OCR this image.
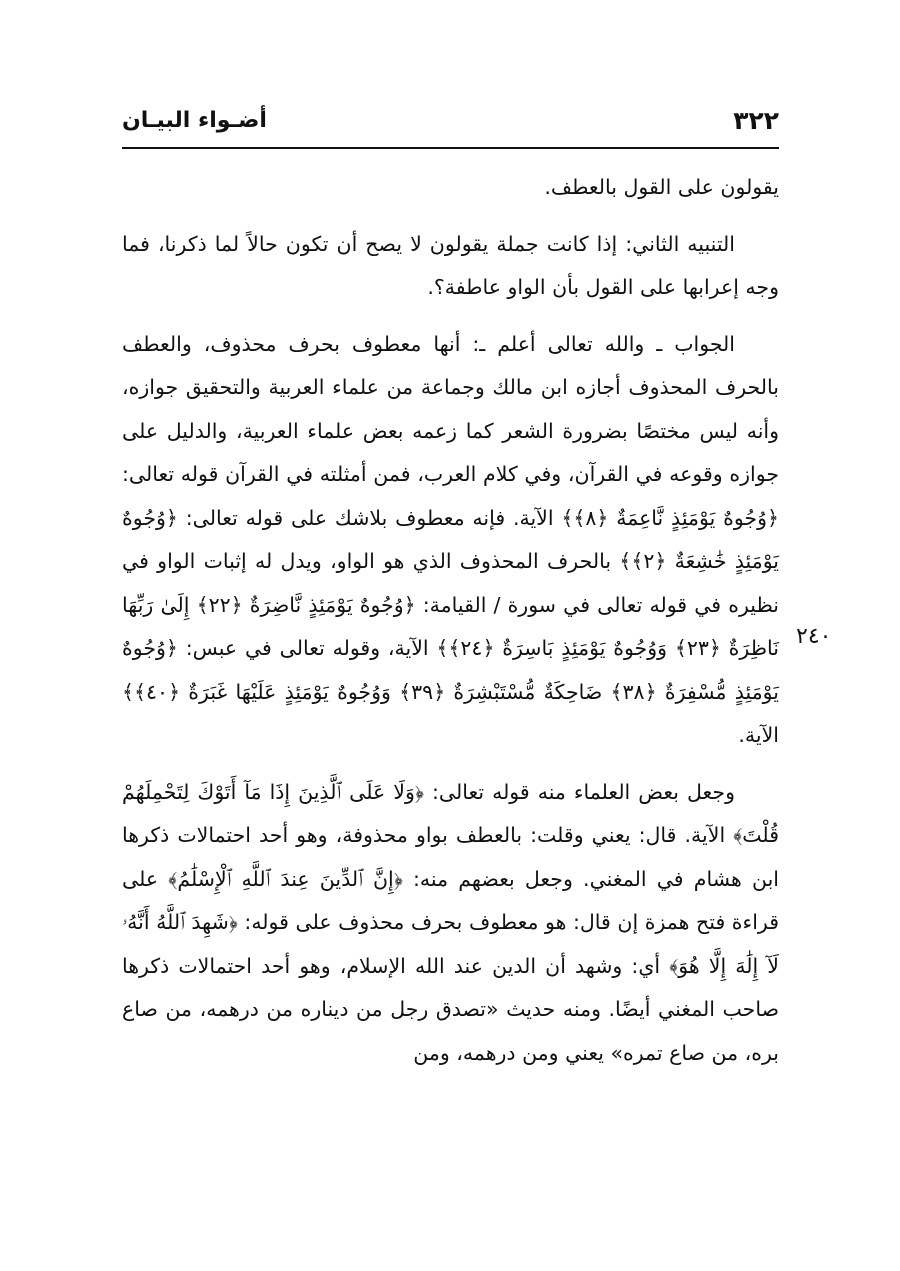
٣٢٢
أضـواء البيـان
٢٤٠

يقولون على القول بالعطف.

التنبيه الثاني: إذا كانت جملة يقولون لا يصح أن تكون حالاً لما ذكرنا، فما وجه إعرابها على القول بأن الواو عاطفة؟.

الجواب ـ والله تعالى أعلم ـ: أنها معطوف بحرف محذوف، والعطف بالحرف المحذوف أجازه ابن مالك وجماعة من علماء العربية والتحقيق جوازه، وأنه ليس مختصًا بضرورة الشعر كما زعمه بعض علماء العربية، والدليل على جوازه وقوعه في القرآن، وفي كلام العرب، فمن أمثلته في القرآن قوله تعالى: ﴿وُجُوهٌ يَوْمَئِذٍ نَّاعِمَةٌ ﴿٨﴾﴾ الآية. فإنه معطوف بلاشك على قوله تعالى: ﴿وُجُوهٌ يَوْمَئِذٍ خَٰشِعَةٌ ﴿٢﴾﴾ بالحرف المحذوف الذي هو الواو، ويدل له إثبات الواو في نظيره في قوله تعالى في سورة / القيامة: ﴿وُجُوهٌ يَوْمَئِذٍ نَّاضِرَةٌ ﴿٢٢﴾ إِلَىٰ رَبِّهَا نَاظِرَةٌ ﴿٢٣﴾ وَوُجُوهٌ يَوْمَئِذٍ بَاسِرَةٌ ﴿٢٤﴾﴾ الآية، وقوله تعالى في عبس: ﴿وُجُوهٌ يَوْمَئِذٍ مُّسْفِرَةٌ ﴿٣٨﴾ ضَاحِكَةٌ مُّسْتَبْشِرَةٌ ﴿٣٩﴾ وَوُجُوهٌ يَوْمَئِذٍ عَلَيْهَا غَبَرَةٌ ﴿٤٠﴾﴾ الآية.

وجعل بعض العلماء منه قوله تعالى: ﴿وَلَا عَلَى ٱلَّذِينَ إِذَا مَآ أَتَوْكَ لِتَحْمِلَهُمْ قُلْتَ﴾ الآية. قال: يعني وقلت: بالعطف بواو محذوفة، وهو أحد احتمالات ذكرها ابن هشام في المغني. وجعل بعضهم منه: ﴿إِنَّ ٱلدِّينَ عِندَ ٱللَّهِ ٱلْإِسْلَٰمُ﴾ على قراءة فتح همزة إن قال: هو معطوف بحرف محذوف على قوله: ﴿شَهِدَ ٱللَّهُ أَنَّهُۥ لَآ إِلَٰهَ إِلَّا هُوَ﴾ أي: وشهد أن الدين عند الله الإسلام، وهو أحد احتمالات ذكرها صاحب المغني أيضًا. ومنه حديث «تصدق رجل من ديناره من درهمه، من صاع بره، من صاع تمره» يعني ومن درهمه، ومن
